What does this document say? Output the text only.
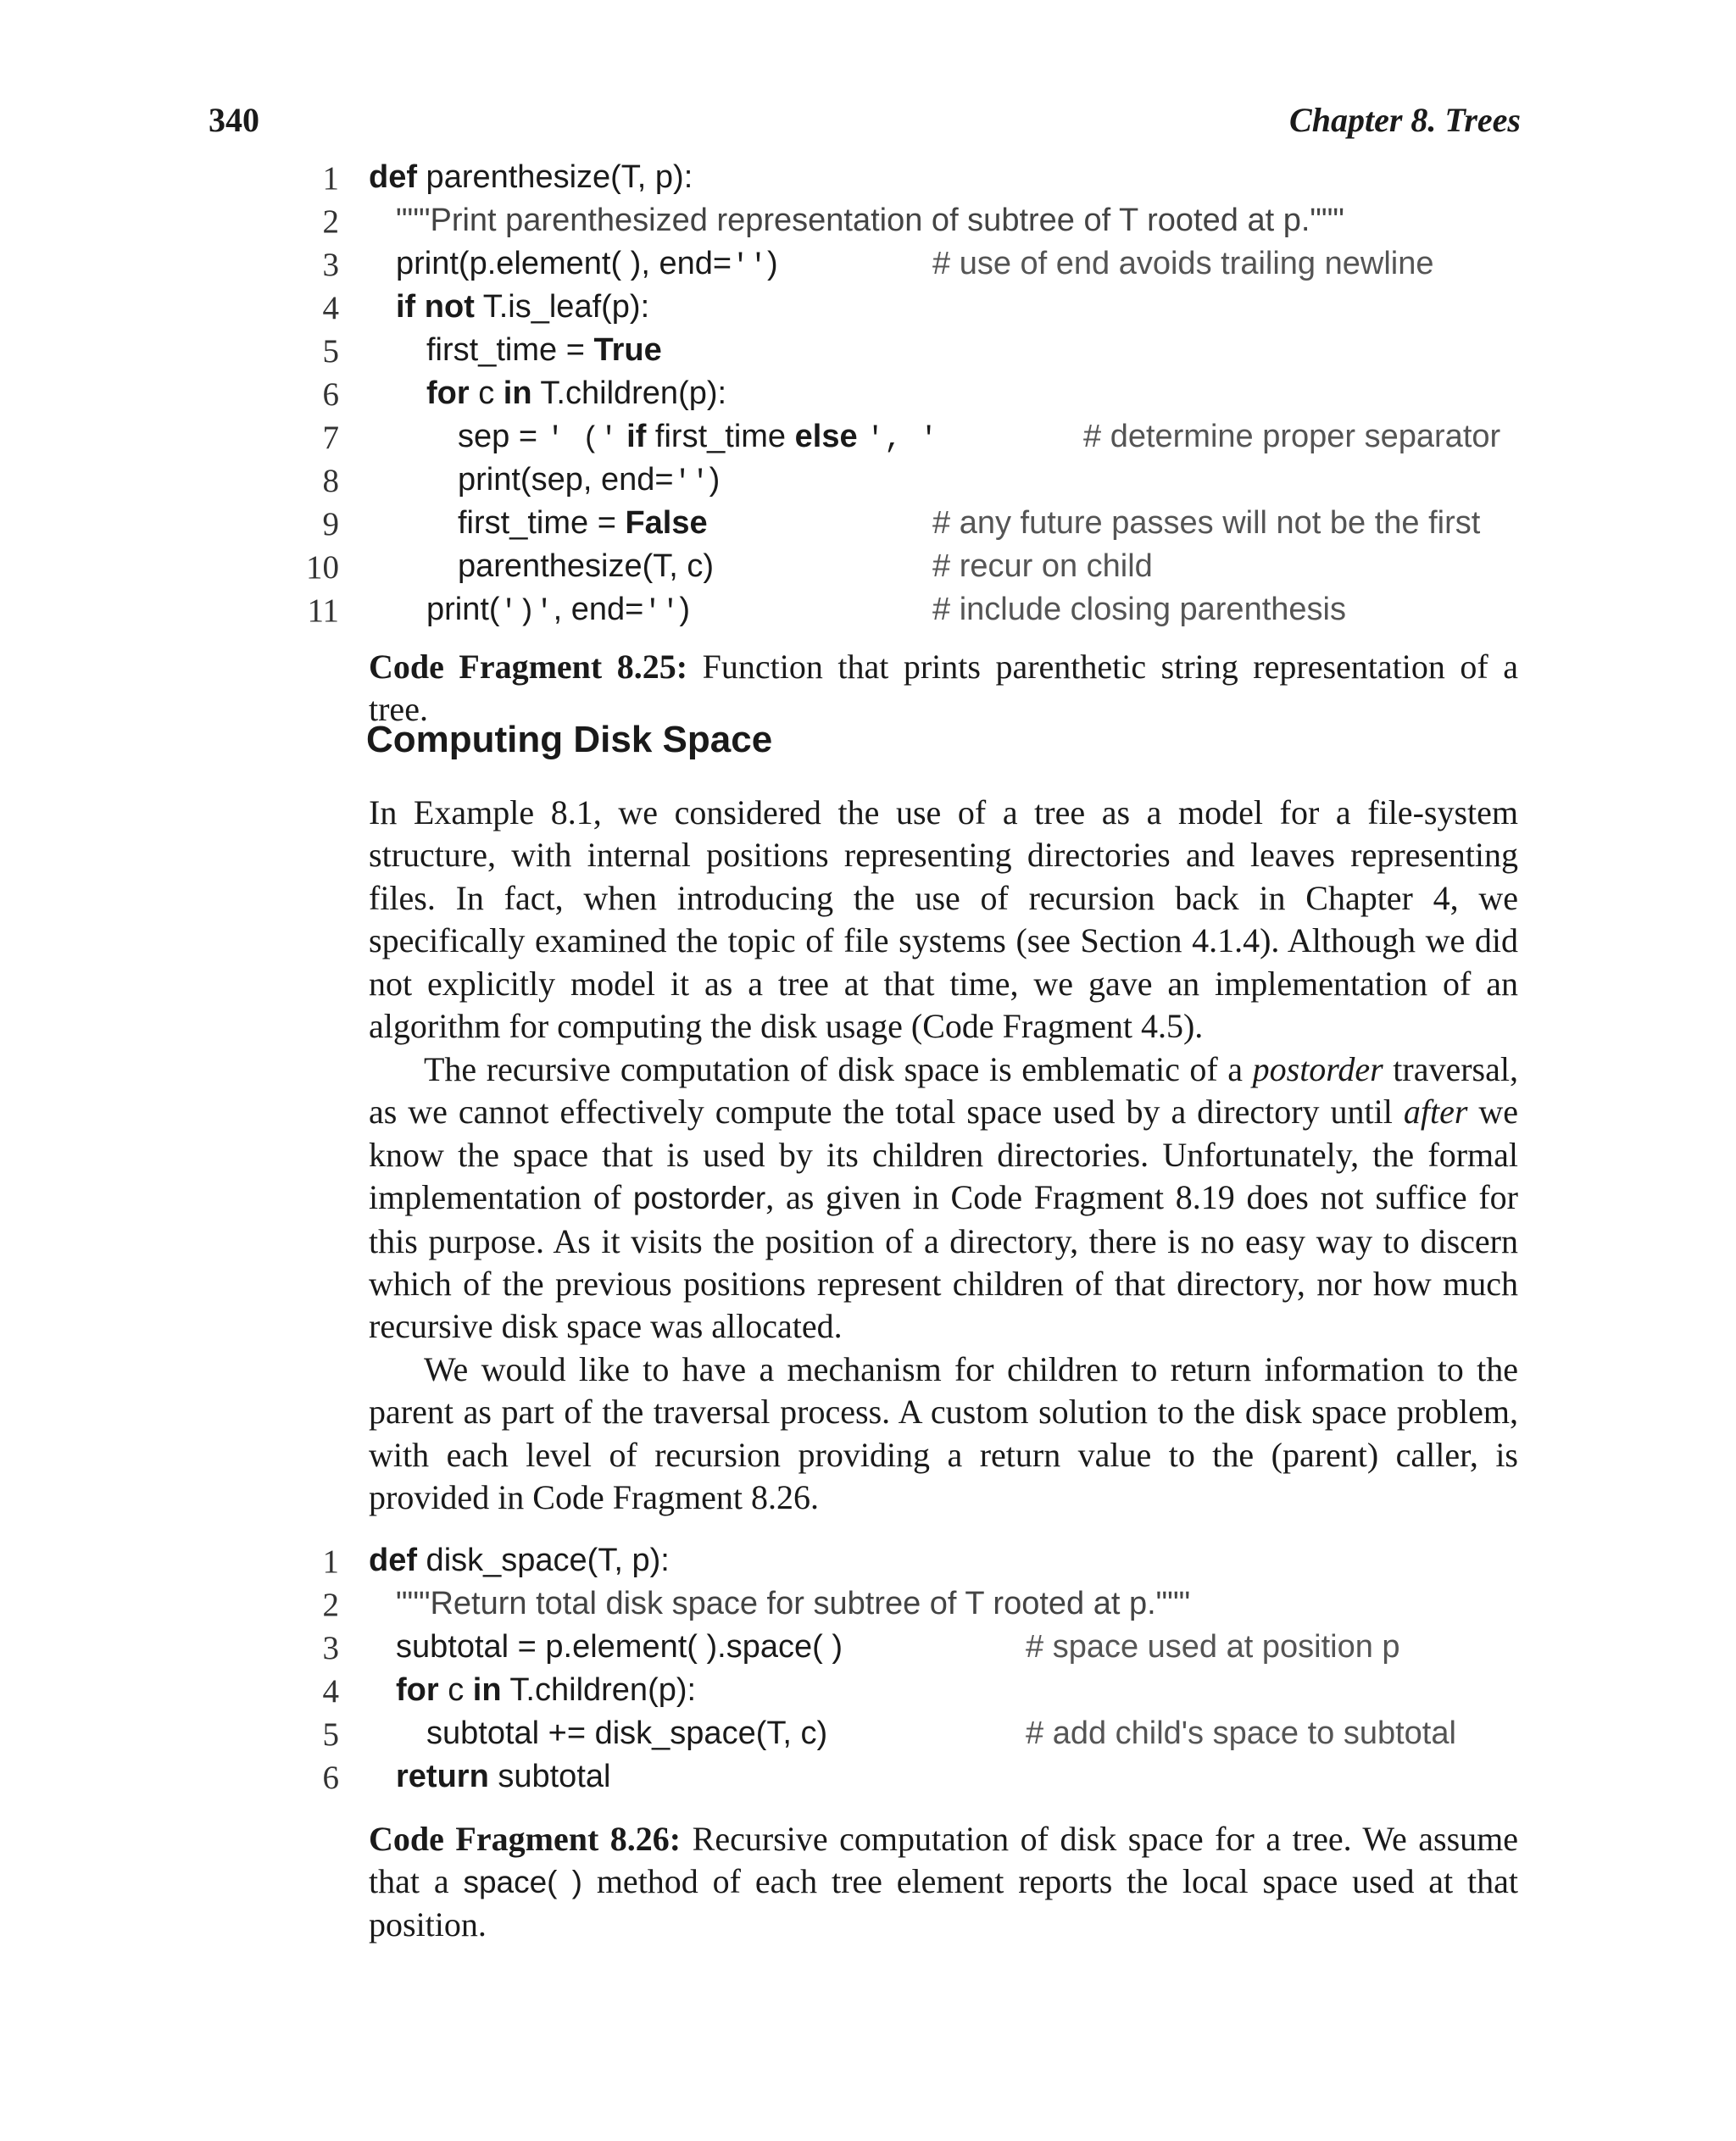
340	Chapter 8. Trees
1 def parenthesize(T, p):
2 """Print parenthesized representation of subtree of T rooted at p."""
3 print(p.element( ), end='')	# use of end avoids trailing newline
4 if not T.is_leaf(p):
5	first_time = True
6	for c in T.children(p):
7	sep = ' (' if first_time else ', '	# determine proper separator
8	print(sep, end='')
9	first_time = False	# any future passes will not be the first
10	parenthesize(T, c)	# recur on child
11	print(')', end='')	# include closing parenthesis
Code Fragment 8.25: Function that prints parenthetic string representation of a tree.
Computing Disk Space

In Example 8.1, we considered the use of a tree as a model for a file-system structure, with internal positions representing directories and leaves representing files. In fact, when introducing the use of recursion back in Chapter 4, we specifically examined the topic of file systems (see Section 4.1.4). Although we did not explicitly model it as a tree at that time, we gave an implementation of an algorithm for computing the disk usage (Code Fragment 4.5).

The recursive computation of disk space is emblematic of a postorder traversal, as we cannot effectively compute the total space used by a directory until after we know the space that is used by its children directories. Unfortunately, the formal implementation of postorder, as given in Code Fragment 8.19 does not suffice for this purpose. As it visits the position of a directory, there is no easy way to discern which of the previous positions represent children of that directory, nor how much recursive disk space was allocated.

We would like to have a mechanism for children to return information to the parent as part of the traversal process. A custom solution to the disk space problem, with each level of recursion providing a return value to the (parent) caller, is provided in Code Fragment 8.26.

1 def disk_space(T, p):
2 """Return total disk space for subtree of T rooted at p."""
3 subtotal = p.element( ).space( )	# space used at position p
4 for c in T.children(p):
5	subtotal += disk_space(T, c)	# add child's space to subtotal
6 return subtotal
Code Fragment 8.26: Recursive computation of disk space for a tree. We assume that a space( ) method of each tree element reports the local space used at that position.
